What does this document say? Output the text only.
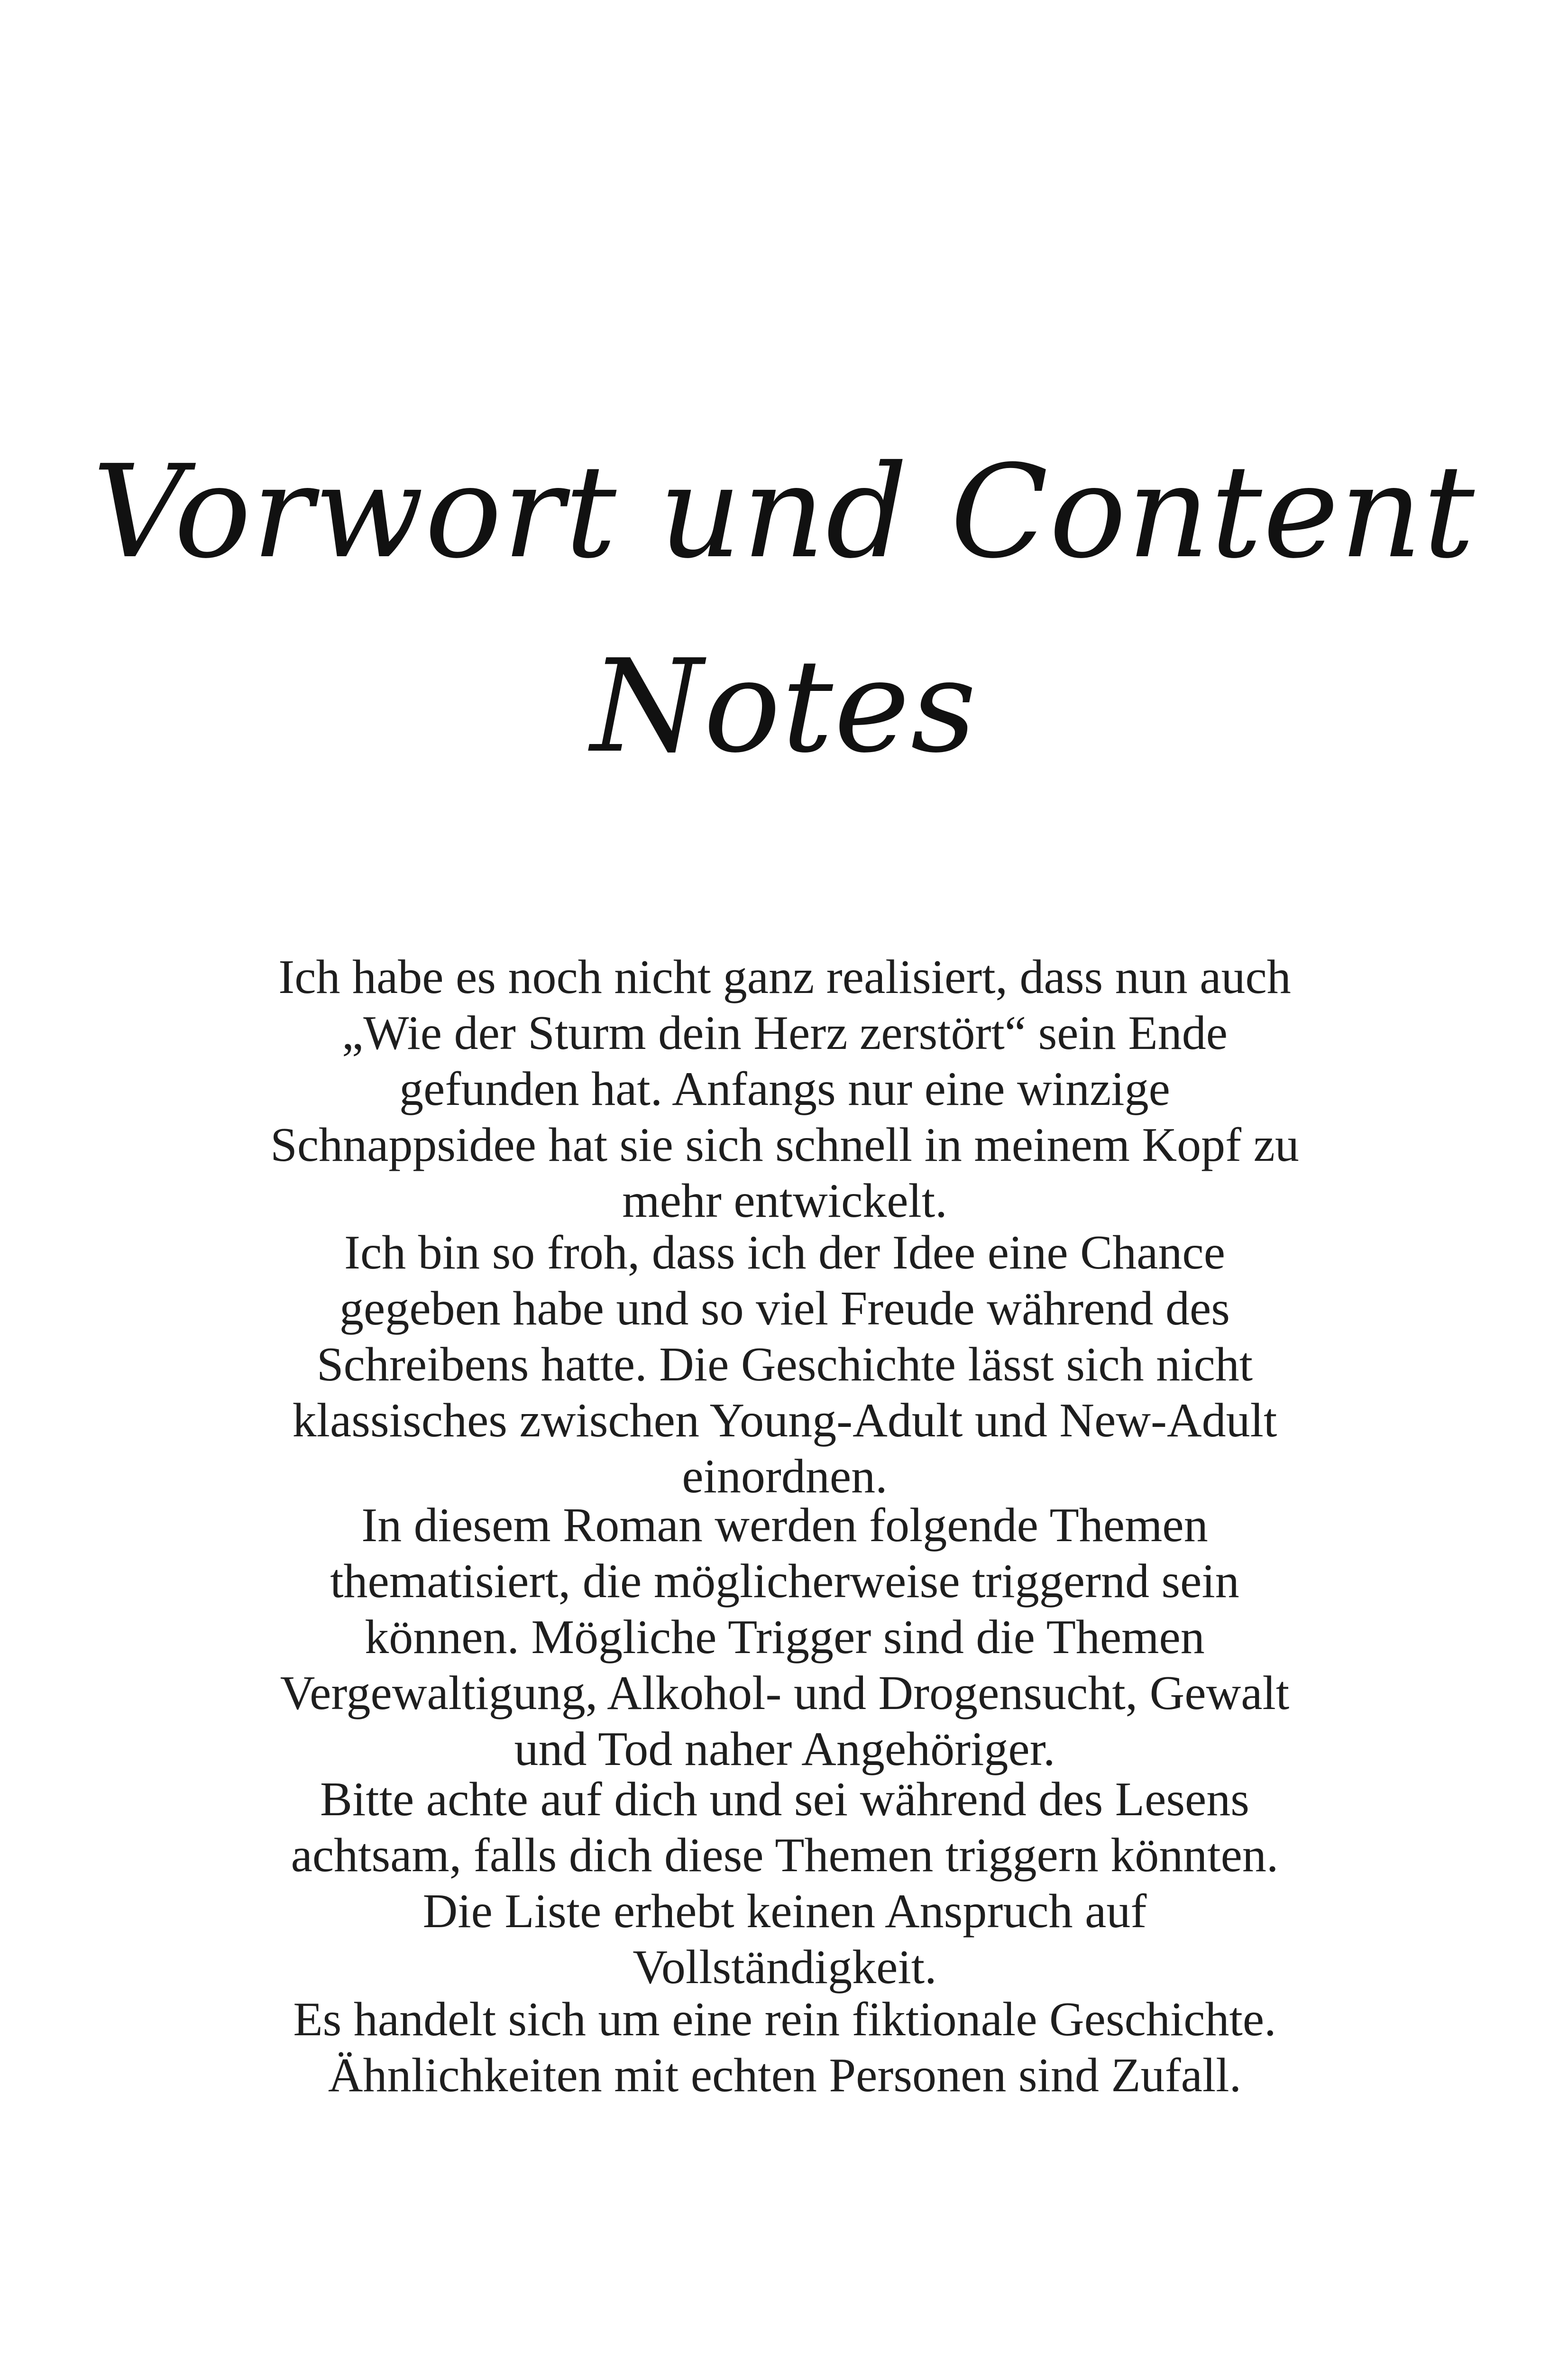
Vorwort und Content
Notes

Ich habe es noch nicht ganz realisiert, dass nun auch „Wie der Sturm dein Herz zerstört“ sein Ende gefunden hat. Anfangs nur eine winzige Schnappsidee hat sie sich schnell in meinem Kopf zu mehr entwickelt.

Ich bin so froh, dass ich der Idee eine Chance gegeben habe und so viel Freude während des Schreibens hatte. Die Geschichte lässt sich nicht klassisches zwischen Young-Adult und New-Adult einordnen.

In diesem Roman werden folgende Themen thematisiert, die möglicherweise triggernd sein können. Mögliche Trigger sind die Themen Vergewaltigung, Alkohol- und Drogensucht, Gewalt und Tod naher Angehöriger.

Bitte achte auf dich und sei während des Lesens achtsam, falls dich diese Themen triggern könnten. Die Liste erhebt keinen Anspruch auf Vollständigkeit.

Es handelt sich um eine rein fiktionale Geschichte. Ähnlichkeiten mit echten Personen sind Zufall.
